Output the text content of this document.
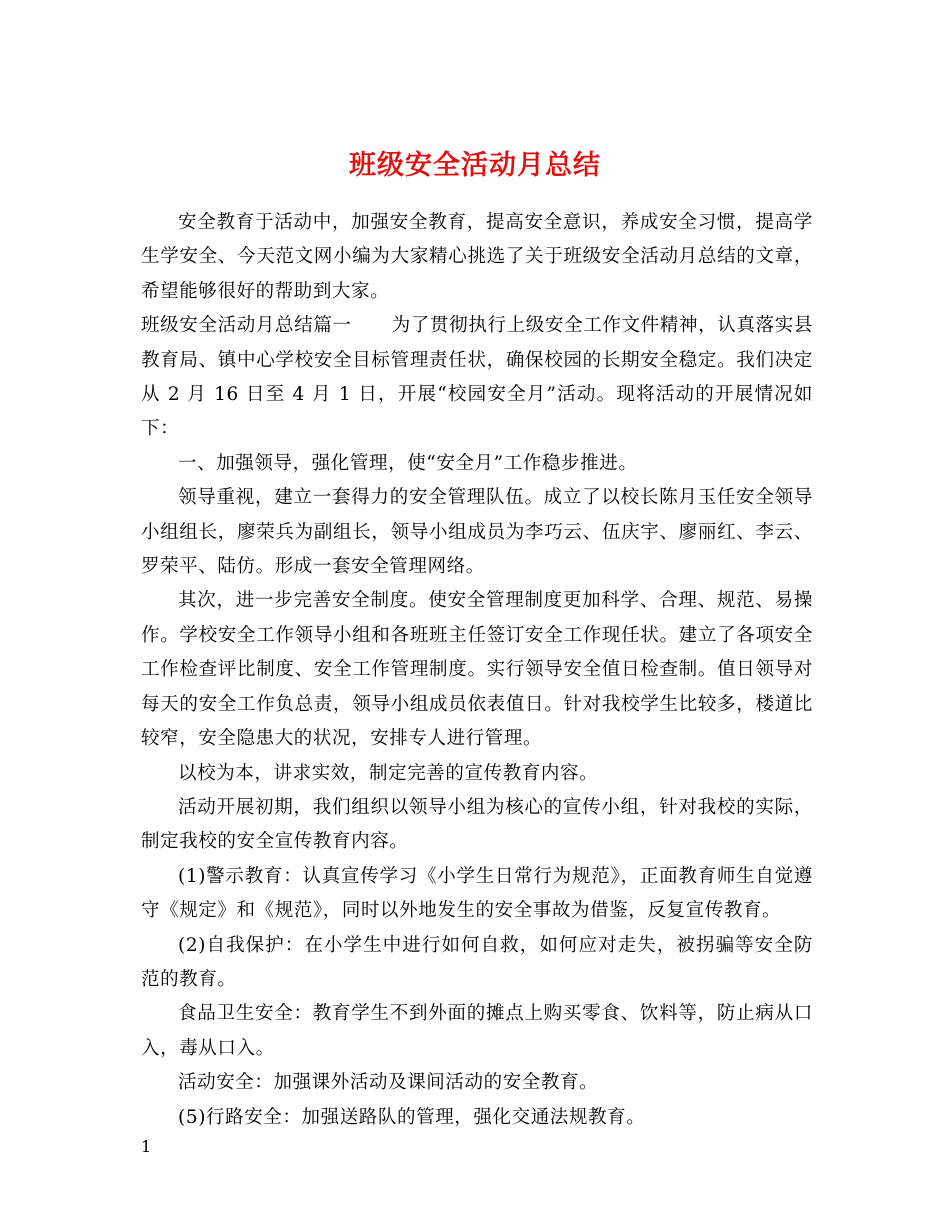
班级安全活动月总结

安全教育于活动中，加强安全教育，提高安全意识，养成安全习惯，提高学生学安全、今天范文网小编为大家精心挑选了关于班级安全活动月总结的文章，希望能够很好的帮助到大家。

班级安全活动月总结篇一 为了贯彻执行上级安全工作文件精神，认真落实县教育局、镇中心学校安全目标管理责任状，确保校园的长期安全稳定。我们决定从 2 月 16 日至 4 月 1 日，开展“校园安全月”活动。现将活动的开展情况如下：

一、加强领导，强化管理，使“安全月”工作稳步推进。

领导重视，建立一套得力的安全管理队伍。成立了以校长陈月玉任安全领导小组组长，廖荣兵为副组长，领导小组成员为李巧云、伍庆宇、廖丽红、李云、罗荣平、陆仿。形成一套安全管理网络。

其次，进一步完善安全制度。使安全管理制度更加科学、合理、规范、易操作。学校安全工作领导小组和各班班主任签订安全工作现任状。建立了各项安全工作检查评比制度、安全工作管理制度。实行领导安全值日检查制。值日领导对每天的安全工作负总责，领导小组成员依表值日。针对我校学生比较多，楼道比较窄，安全隐患大的状况，安排专人进行管理。

以校为本，讲求实效，制定完善的宣传教育内容。

活动开展初期，我们组织以领导小组为核心的宣传小组，针对我校的实际，制定我校的安全宣传教育内容。

(1)警示教育：认真宣传学习《小学生日常行为规范》，正面教育师生自觉遵守《规定》和《规范》，同时以外地发生的安全事故为借鉴，反复宣传教育。

(2)自我保护：在小学生中进行如何自救，如何应对走失，被拐骗等安全防范的教育。

食品卫生安全：教育学生不到外面的摊点上购买零食、饮料等，防止病从口入，毒从口入。

活动安全：加强课外活动及课间活动的安全教育。

(5)行路安全：加强送路队的管理，强化交通法规教育。

1
